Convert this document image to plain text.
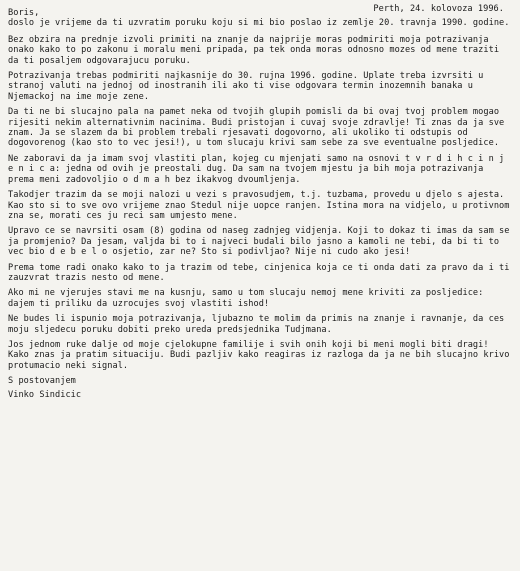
Boris,	Perth, 24. kolovoza 1996.

doslo je vrijeme da ti uzvratim poruku koju si mi bio poslao iz zemlje 20. travnja 1990. godine.

Bez obzira na prednje izvoli primiti na znanje da najprije moras podmiriti moja potrazivanja onako kako to po zakonu i moralu meni pripada, pa tek onda moras odnosno mozes od mene traziti da ti posaljem odgovarajucu poruku.

Potrazivanja trebas podmiriti najkasnije do 30. rujna 1996. godine. Uplate treba izvrsiti u stranoj valuti na jednoj od inostranih ili ako ti vise odgovara termin inozemnih banaka u Njemackoj na ime moje zene.

Da ti ne bi slucajno pala na pamet neka od tvojih glupih pomisli da bi ovaj tvoj problem mogao rijesiti nekim alternativnim nacinima. Budi pristojan i cuvaj svoje zdravlje! Ti znas da ja sve znam. Ja se slazem da bi problem trebali rjesavati dogovorno, ali ukoliko ti odstupis od dogovorenog (kao sto to vec jesi!), u tom slucaju krivi sam sebe za sve eventualne posljedice.

Ne zaboravi da ja imam svoj vlastiti plan, kojeg cu mjenjati samo na osnovi t v r d i h c i n j e n i c a: jedna od ovih je preostali dug. Da sam na tvojem mjestu ja bih moja potrazivanja prema meni zadovoljio o d m a h bez ikakvog dvoumljenja.

Takodjer trazim da se moji nalozi u vezi s pravosudjem, t.j. tuzbama, provedu u djelo s ajesta. Kao sto si to sve ovo vrijeme znao Stedul nije uopce ranjen. Istina mora na vidjelo, u protivnom zna se, morati ces ju reci sam umjesto mene.

Upravo ce se navrsiti osam (8) godina od naseg zadnjeg vidjenja. Koji to dokaz ti imas da sam se ja promjenio? Da jesam, valjda bi to i najveci budali bilo jasno a kamoli ne tebi, da bi ti to vec bio d e b e l o osjetio, zar ne? Sto si podivljao? Nije ni cudo ako jesi!

Prema tome radi onako kako to ja trazim od tebe, cinjenica koja ce ti onda dati za pravo da i ti zauzvrat trazis nesto od mene.

Ako mi ne vjerujes stavi me na kusnju, samo u tom slucaju nemoj mene kriviti za posljedice: dajem ti priliku da uzrocujes svoj vlastiti ishod!

Ne budes li ispunio moja potrazivanja, ljubazno te molim da primis na znanje i ravnanje, da ces moju sljedecu poruku dobiti preko ureda predsjednika Tudjmana.

Jos jednom ruke dalje od moje cjelokupne familije i svih onih koji bi meni mogli biti dragi! Kako znas ja pratim situaciju. Budi pazljiv kako reagiras iz razloga da ja ne bih slucajno krivo protumacio neki signal.

S postovanjem

Vinko Sindicic
